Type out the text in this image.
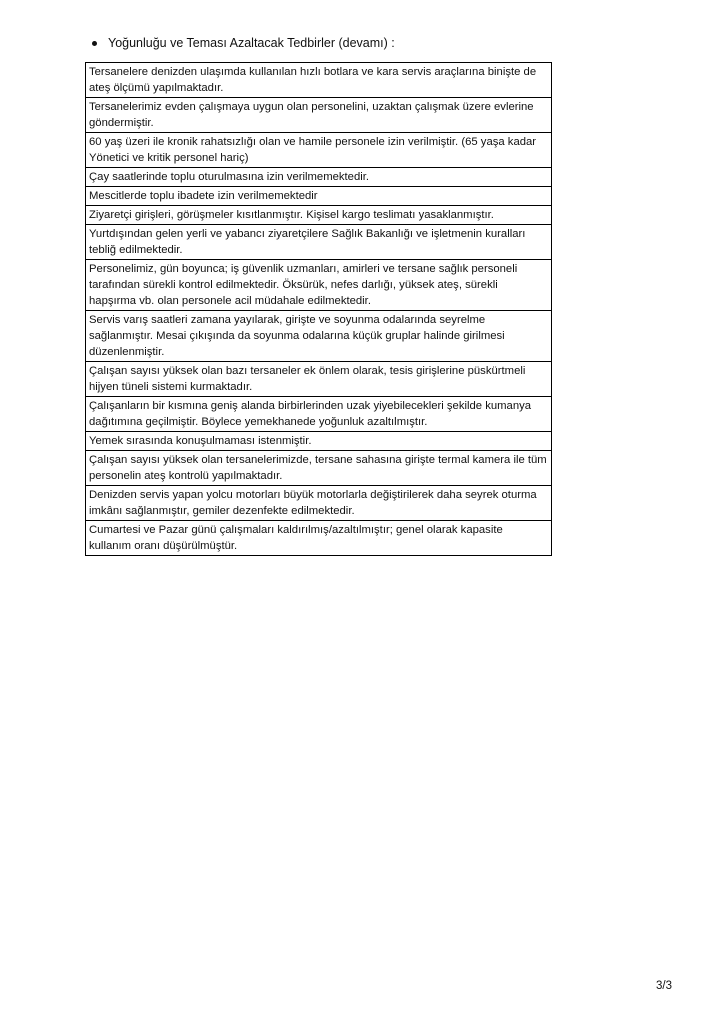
Yoğunluğu ve Teması Azaltacak Tedbirler (devamı) :
Tersanelere denizden ulaşımda kullanılan hızlı botlara ve kara servis araçlarına binişte de ateş ölçümü yapılmaktadır.
Tersanelerimiz evden çalışmaya uygun olan personelini, uzaktan çalışmak üzere evlerine göndermiştir.
60 yaş üzeri ile kronik rahatsızlığı olan ve hamile personele izin verilmiştir. (65 yaşa kadar Yönetici ve kritik personel hariç)
Çay saatlerinde toplu oturulmasına izin verilmemektedir.
Mescitlerde toplu ibadete izin verilmemektedir
Ziyaretçi girişleri, görüşmeler kısıtlanmıştır. Kişisel kargo teslimatı yasaklanmıştır.
Yurtdışından gelen yerli ve yabancı ziyaretçilere Sağlık Bakanlığı ve işletmenin kuralları tebliğ edilmektedir.
Personelimiz, gün boyunca; iş güvenlik uzmanları, amirleri ve tersane sağlık personeli tarafından sürekli kontrol edilmektedir. Öksürük, nefes darlığı, yüksek ateş, sürekli hapşırma vb. olan personele acil müdahale edilmektedir.
Servis varış saatleri zamana yayılarak, girişte ve soyunma odalarında seyrelme sağlanmıştır. Mesai çıkışında da soyunma odalarına küçük gruplar halinde girilmesi düzenlenmiştir.
Çalışan sayısı yüksek olan bazı tersaneler ek önlem olarak, tesis girişlerine püskürtmeli hijyen tüneli sistemi kurmaktadır.
Çalışanların bir kısmına geniş alanda birbirlerinden uzak yiyebilecekleri şekilde kumanya dağıtımına geçilmiştir. Böylece yemekhanede yoğunluk azaltılmıştır.
Yemek sırasında konuşulmaması istenmiştir.
Çalışan sayısı yüksek olan tersanelerimizde, tersane sahasına girişte termal kamera ile tüm personelin ateş kontrolü yapılmaktadır.
Denizden servis yapan yolcu motorları büyük motorlarla değiştirilerek daha seyrek oturma imkânı sağlanmıştır, gemiler dezenfekte edilmektedir.
Cumartesi ve Pazar günü çalışmaları kaldırılmış/azaltılmıştır; genel olarak kapasite kullanım oranı düşürülmüştür.
3/3
